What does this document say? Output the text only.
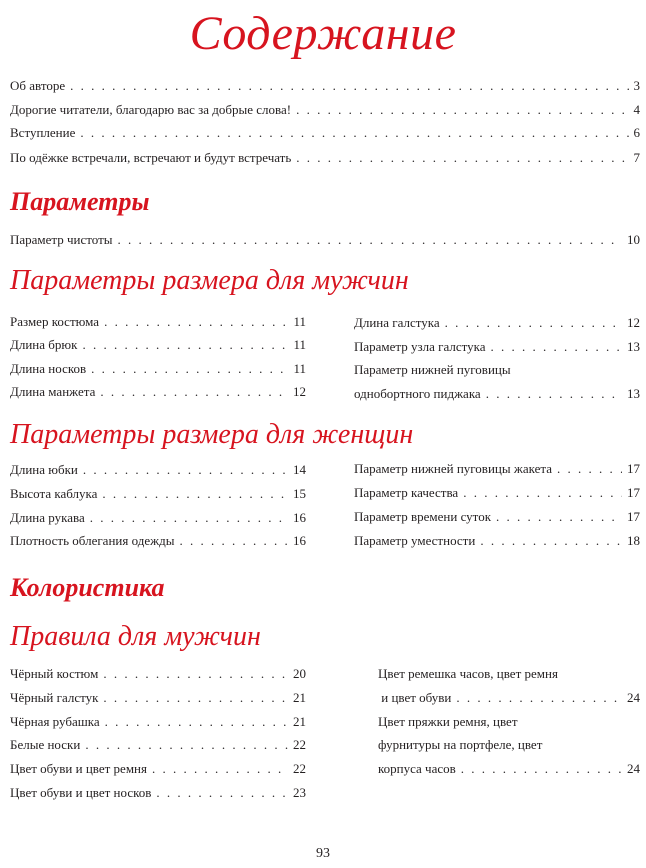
Содержание
Об авторе . . .	3
Дорогие читатели, благодарю вас за добрые слова! . . .	4
Вступление . . .	6
По одёжке встречали, встречают и будут встречать . . .	7
Параметры
Параметр чистоты . . .	10
Параметры размера для мужчин
Размер костюма . . .	11
Длина брюк . . .	11
Длина носков . . .	11
Длина манжета . . .	12
Длина галстука . . .	12
Параметр узла галстука . . .	13
Параметр нижней пуговицы
однобортного пиджака . . .	13
Параметры размера для женщин
Длина юбки . . .	14
Высота каблука . . .	15
Длина рукава . . .	16
Плотность облегания одежды . . .	16
Параметр нижней пуговицы жакета . . .	17
Параметр качества . . .	17
Параметр времени суток . . .	17
Параметр уместности . . .	18
Колористика
Правила для мужчин
Чёрный костюм . . .	20
Чёрный галстук . . .	21
Чёрная рубашка . . .	21
Белые носки . . .	22
Цвет обуви и цвет ремня . . .	22
Цвет обуви и цвет носков . . .	23
Цвет ремешка часов, цвет ремня
и цвет обуви . . .	24
Цвет пряжки ремня, цвет
фурнитуры на портфеле, цвет
корпуса часов . . .	24
93
